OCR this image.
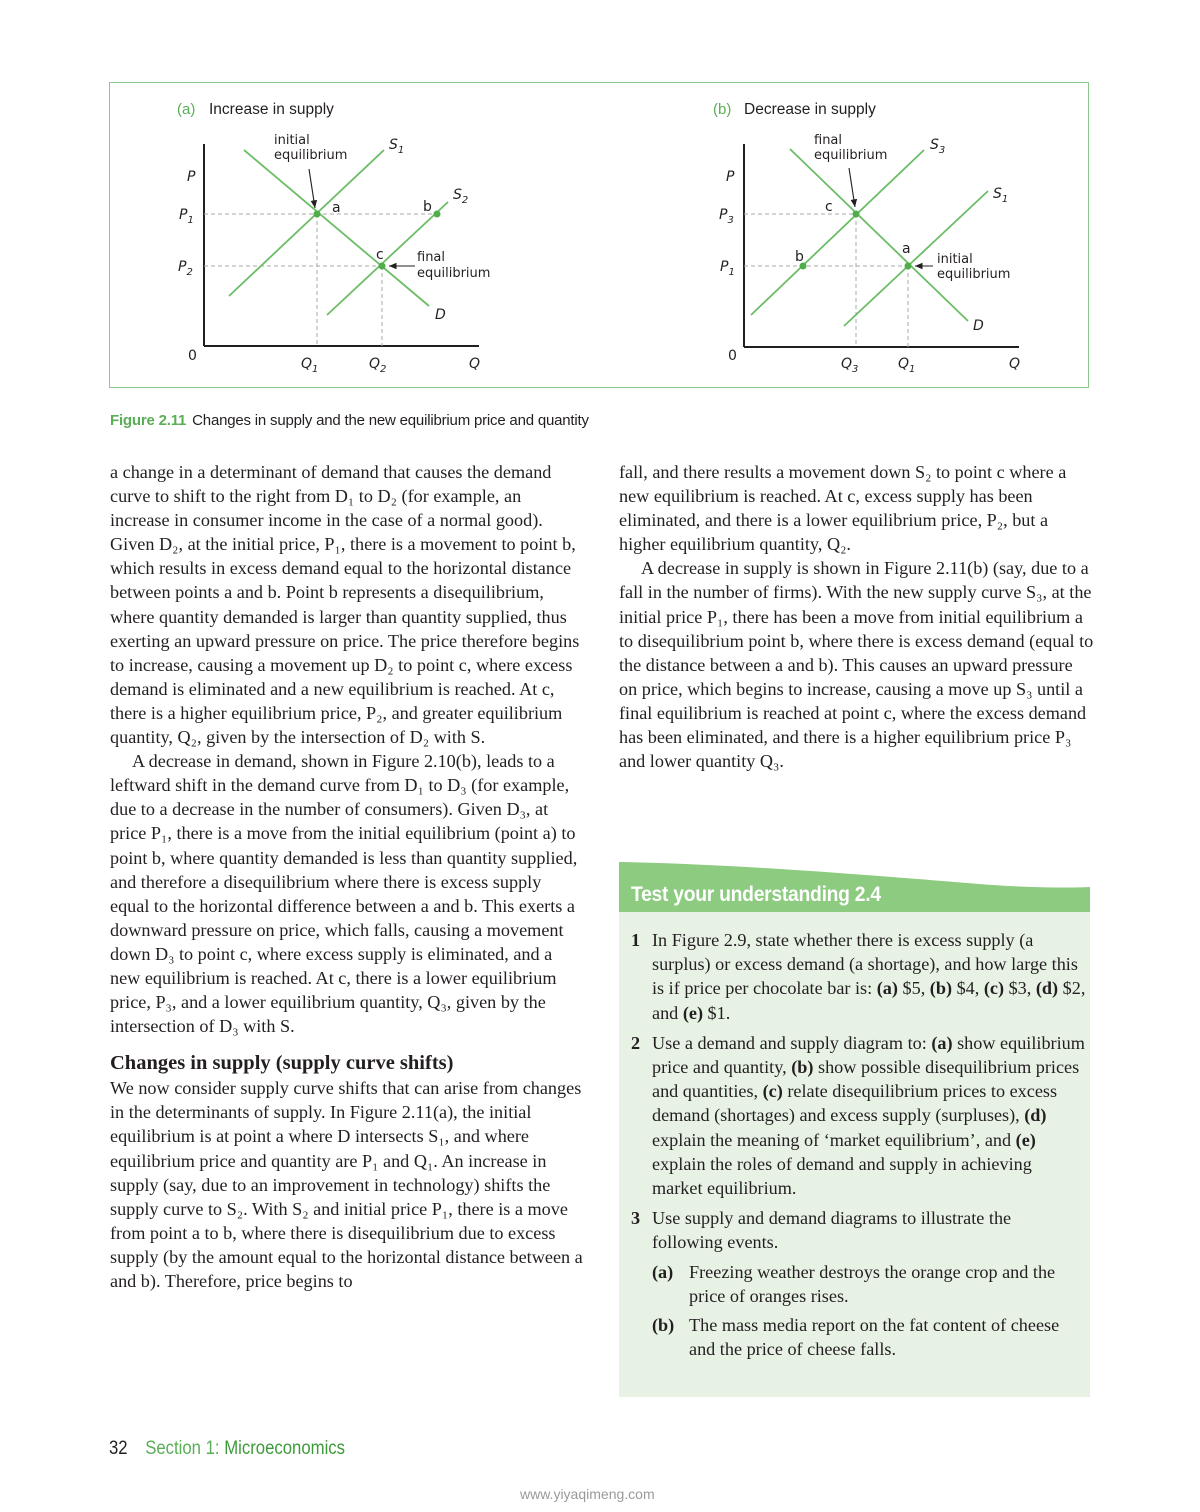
(a) Increase in supply
initial
equilibrium
final
equilibrium
a	b
c
P
Q
0
$P_1$
$P_2$
$Q_1$	$Q_2$
$S_1$
$S_2$
D
(b) Decrease in supply
final
equilibrium
initial
equilibrium
a
b
c
P
Q
0
$P_3$
$P_1$
$Q_3$	$Q_1$
$S_3$
$S_1$
D
Figure 2.11 Changes in supply and the new equilibrium price and quantity

a change in a determinant of demand that causes the demand curve to shift to the right from D₁ to D₂ (for example, an increase in consumer income in the case of a normal good). Given D₂, at the initial price, P₁, there is a movement to point b, which results in excess demand equal to the horizontal distance between points a and b. Point b represents a disequilibrium, where quantity demanded is larger than quantity supplied, thus exerting an upward pressure on price. The price therefore begins to increase, causing a movement up D₂ to point c, where excess demand is eliminated and a new equilibrium is reached. At c, there is a higher equilibrium price, P₂, and greater equilibrium quantity, Q₂, given by the intersection of D₂ with S.

A decrease in demand, shown in Figure 2.10(b), leads to a leftward shift in the demand curve from D₁ to D₃ (for example, due to a decrease in the number of consumers). Given D₃, at price P₁, there is a move from the initial equilibrium (point a) to point b, where quantity demanded is less than quantity supplied, and therefore a disequilibrium where there is excess supply equal to the horizontal difference between a and b. This exerts a downward pressure on price, which falls, causing a movement down D₃ to point c, where excess supply is eliminated, and a new equilibrium is reached. At c, there is a lower equilibrium price, P₃, and a lower equilibrium quantity, Q₃, given by the intersection of D₃ with S.

Changes in supply (supply curve shifts)

We now consider supply curve shifts that can arise from changes in the determinants of supply. In Figure 2.11(a), the initial equilibrium is at point a where D intersects S₁, and where equilibrium price and quantity are P₁ and Q₁. An increase in supply (say, due to an improvement in technology) shifts the supply curve to S₂. With S₂ and initial price P₁, there is a move from point a to b, where there is disequilibrium due to excess supply (by the amount equal to the horizontal distance between a and b). Therefore, price begins to

fall, and there results a movement down S₂ to point c where a new equilibrium is reached. At c, excess supply has been eliminated, and there is a lower equilibrium price, P₂, but a higher equilibrium quantity, Q₂.

A decrease in supply is shown in Figure 2.11(b) (say, due to a fall in the number of firms). With the new supply curve S₃, at the initial price P₁, there has been a move from initial equilibrium a to disequilibrium point b, where there is excess demand (equal to the distance between a and b). This causes an upward pressure on price, which begins to increase, causing a move up S₃ until a final equilibrium is reached at point c, where the excess demand has been eliminated, and there is a higher equilibrium price P₃ and lower quantity Q₃.

Test your understanding 2.4
1 In Figure 2.9, state whether there is excess supply (a surplus) or excess demand (a shortage), and how large this is if price per chocolate bar is: (a) $5, (b) $4, (c) $3, (d) $2, and (e) $1.
2 Use a demand and supply diagram to: (a) show equilibrium price and quantity, (b) show possible disequilibrium prices and quantities, (c) relate disequilibrium prices to excess demand (shortages) and excess supply (surpluses), (d) explain the meaning of ‘market equilibrium’, and (e) explain the roles of demand and supply in achieving market equilibrium.
3 Use supply and demand diagrams to illustrate the following events.
(a) Freezing weather destroys the orange crop and the price of oranges rises.
(b) The mass media report on the fat content of cheese and the price of cheese falls.
32 Section 1: Microeconomics
www.yiyaqimeng.com
